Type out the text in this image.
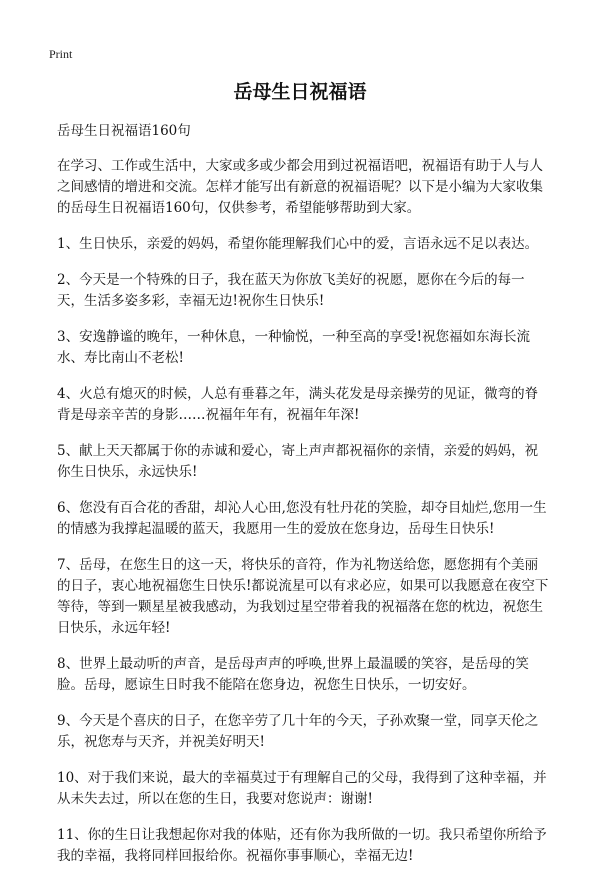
Print
岳母生日祝福语

岳母生日祝福语160句

在学习、工作或生活中，大家或多或少都会用到过祝福语吧，祝福语有助于人与人之间感情的增进和交流。怎样才能写出有新意的祝福语呢？以下是小编为大家收集的岳母生日祝福语160句，仅供参考，希望能够帮助到大家。

1、生日快乐，亲爱的妈妈，希望你能理解我们心中的爱，言语永远不足以表达。

2、今天是一个特殊的日子，我在蓝天为你放飞美好的祝愿，愿你在今后的每一天，生活多姿多彩，幸福无边!祝你生日快乐!

3、安逸静谧的晚年，一种休息，一种愉悦，一种至高的享受!祝您福如东海长流水、寿比南山不老松!

4、火总有熄灭的时候，人总有垂暮之年，满头花发是母亲操劳的见证，微弯的脊背是母亲辛苦的身影……祝福年年有，祝福年年深!

5、献上天天都属于你的赤诚和爱心，寄上声声都祝福你的亲情，亲爱的妈妈，祝你生日快乐，永远快乐!

6、您没有百合花的香甜，却沁人心田,您没有牡丹花的笑脸，却夺目灿烂,您用一生的情感为我撑起温暖的蓝天，我愿用一生的爱放在您身边，岳母生日快乐!

7、岳母，在您生日的这一天，将快乐的音符，作为礼物送给您，愿您拥有个美丽的日子，衷心地祝福您生日快乐!都说流星可以有求必应，如果可以我愿意在夜空下等待，等到一颗星星被我感动，为我划过星空带着我的祝福落在您的枕边，祝您生日快乐，永远年轻!

8、世界上最动听的声音，是岳母声声的呼唤,世界上最温暖的笑容，是岳母的笑脸。岳母，愿谅生日时我不能陪在您身边，祝您生日快乐，一切安好。

9、今天是个喜庆的日子，在您辛劳了几十年的今天，子孙欢聚一堂，同享天伦之乐，祝您寿与天齐，并祝美好明天!

10、对于我们来说，最大的幸福莫过于有理解自己的父母，我得到了这种幸福，并从未失去过，所以在您的生日，我要对您说声：谢谢!

11、你的生日让我想起你对我的体贴，还有你为我所做的一切。我只希望你所给予我的幸福，我将同样回报给你。祝福你事事顺心，幸福无边!
